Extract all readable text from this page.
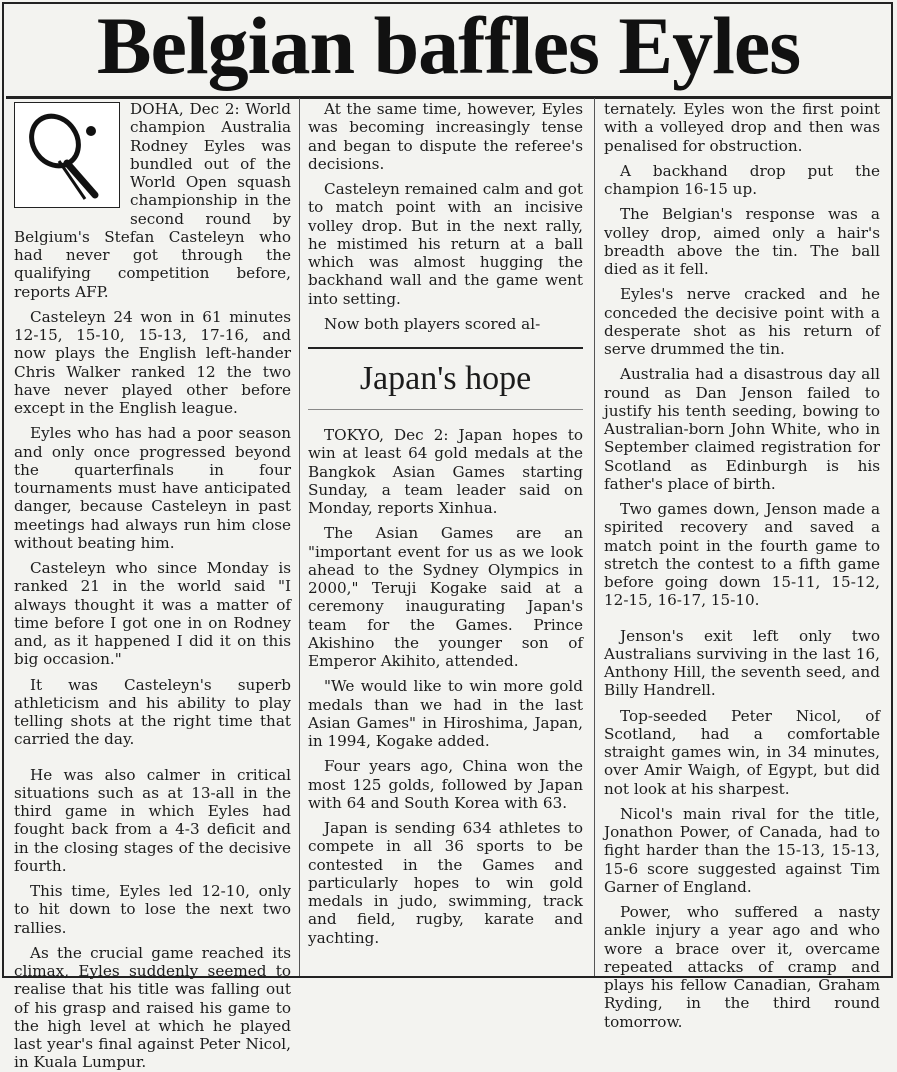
Belgian baffles Eyles

DOHA, Dec 2: World champion Australia Rodney Eyles was bundled out of the World Open squash championship in the second round by Belgium's Stefan Casteleyn who had never got through the qualifying competition before, reports AFP.

Casteleyn 24 won in 61 minutes 12-15, 15-10, 15-13, 17-16, and now plays the English left-hander Chris Walker ranked 12 the two have never played other before except in the English league.

Eyles who has had a poor season and only once progressed beyond the quarterfinals in four tournaments must have anticipated danger, because Casteleyn in past meetings had always run him close without beating him.

Casteleyn who since Monday is ranked 21 in the world said "I always thought it was a matter of time before I got one in on Rodney and, as it happened I did it on this big occasion."

It was Casteleyn's superb athleticism and his ability to play telling shots at the right time that carried the day.

He was also calmer in critical situations such as at 13-all in the third game in which Eyles had fought back from a 4-3 deficit and in the closing stages of the decisive fourth.

This time, Eyles led 12-10, only to hit down to lose the next two rallies.

As the crucial game reached its climax, Eyles suddenly seemed to realise that his title was falling out of his grasp and raised his game to the high level at which he played last year's final against Peter Nicol, in Kuala Lumpur.

At the same time, however, Eyles was becoming increasingly tense and began to dispute the referee's decisions.

Casteleyn remained calm and got to match point with an incisive volley drop. But in the next rally, he mistimed his return at a ball which was almost hugging the backhand wall and the game went into setting.

Now both players scored al-

Japan's hope

TOKYO, Dec 2: Japan hopes to win at least 64 gold medals at the Bangkok Asian Games starting Sunday, a team leader said on Monday, reports Xinhua.

The Asian Games are an "important event for us as we look ahead to the Sydney Olympics in 2000," Teruji Kogake said at a ceremony inaugurating Japan's team for the Games. Prince Akishino the younger son of Emperor Akihito, attended.

"We would like to win more gold medals than we had in the last Asian Games" in Hiroshima, Japan, in 1994, Kogake added.

Four years ago, China won the most 125 golds, followed by Japan with 64 and South Korea with 63.

Japan is sending 634 athletes to compete in all 36 sports to be contested in the Games and particularly hopes to win gold medals in judo, swimming, track and field, rugby, karate and yachting.

ternately. Eyles won the first point with a volleyed drop and then was penalised for obstruction.

A backhand drop put the champion 16-15 up.

The Belgian's response was a volley drop, aimed only a hair's breadth above the tin. The ball died as it fell.

Eyles's nerve cracked and he conceded the decisive point with a desperate shot as his return of serve drummed the tin.

Australia had a disastrous day all round as Dan Jenson failed to justify his tenth seeding, bowing to Australian-born John White, who in September claimed registration for Scotland as Edinburgh is his father's place of birth.

Two games down, Jenson made a spirited recovery and saved a match point in the fourth game to stretch the contest to a fifth game before going down 15-11, 15-12, 12-15, 16-17, 15-10.

Jenson's exit left only two Australians surviving in the last 16, Anthony Hill, the seventh seed, and Billy Handrell.

Top-seeded Peter Nicol, of Scotland, had a comfortable straight games win, in 34 minutes, over Amir Waigh, of Egypt, but did not look at his sharpest.

Nicol's main rival for the title, Jonathon Power, of Canada, had to fight harder than the 15-13, 15-13, 15-6 score suggested against Tim Garner of England.

Power, who suffered a nasty ankle injury a year ago and who wore a brace over it, overcame repeated attacks of cramp and plays his fellow Canadian, Graham Ryding, in the third round tomorrow.
